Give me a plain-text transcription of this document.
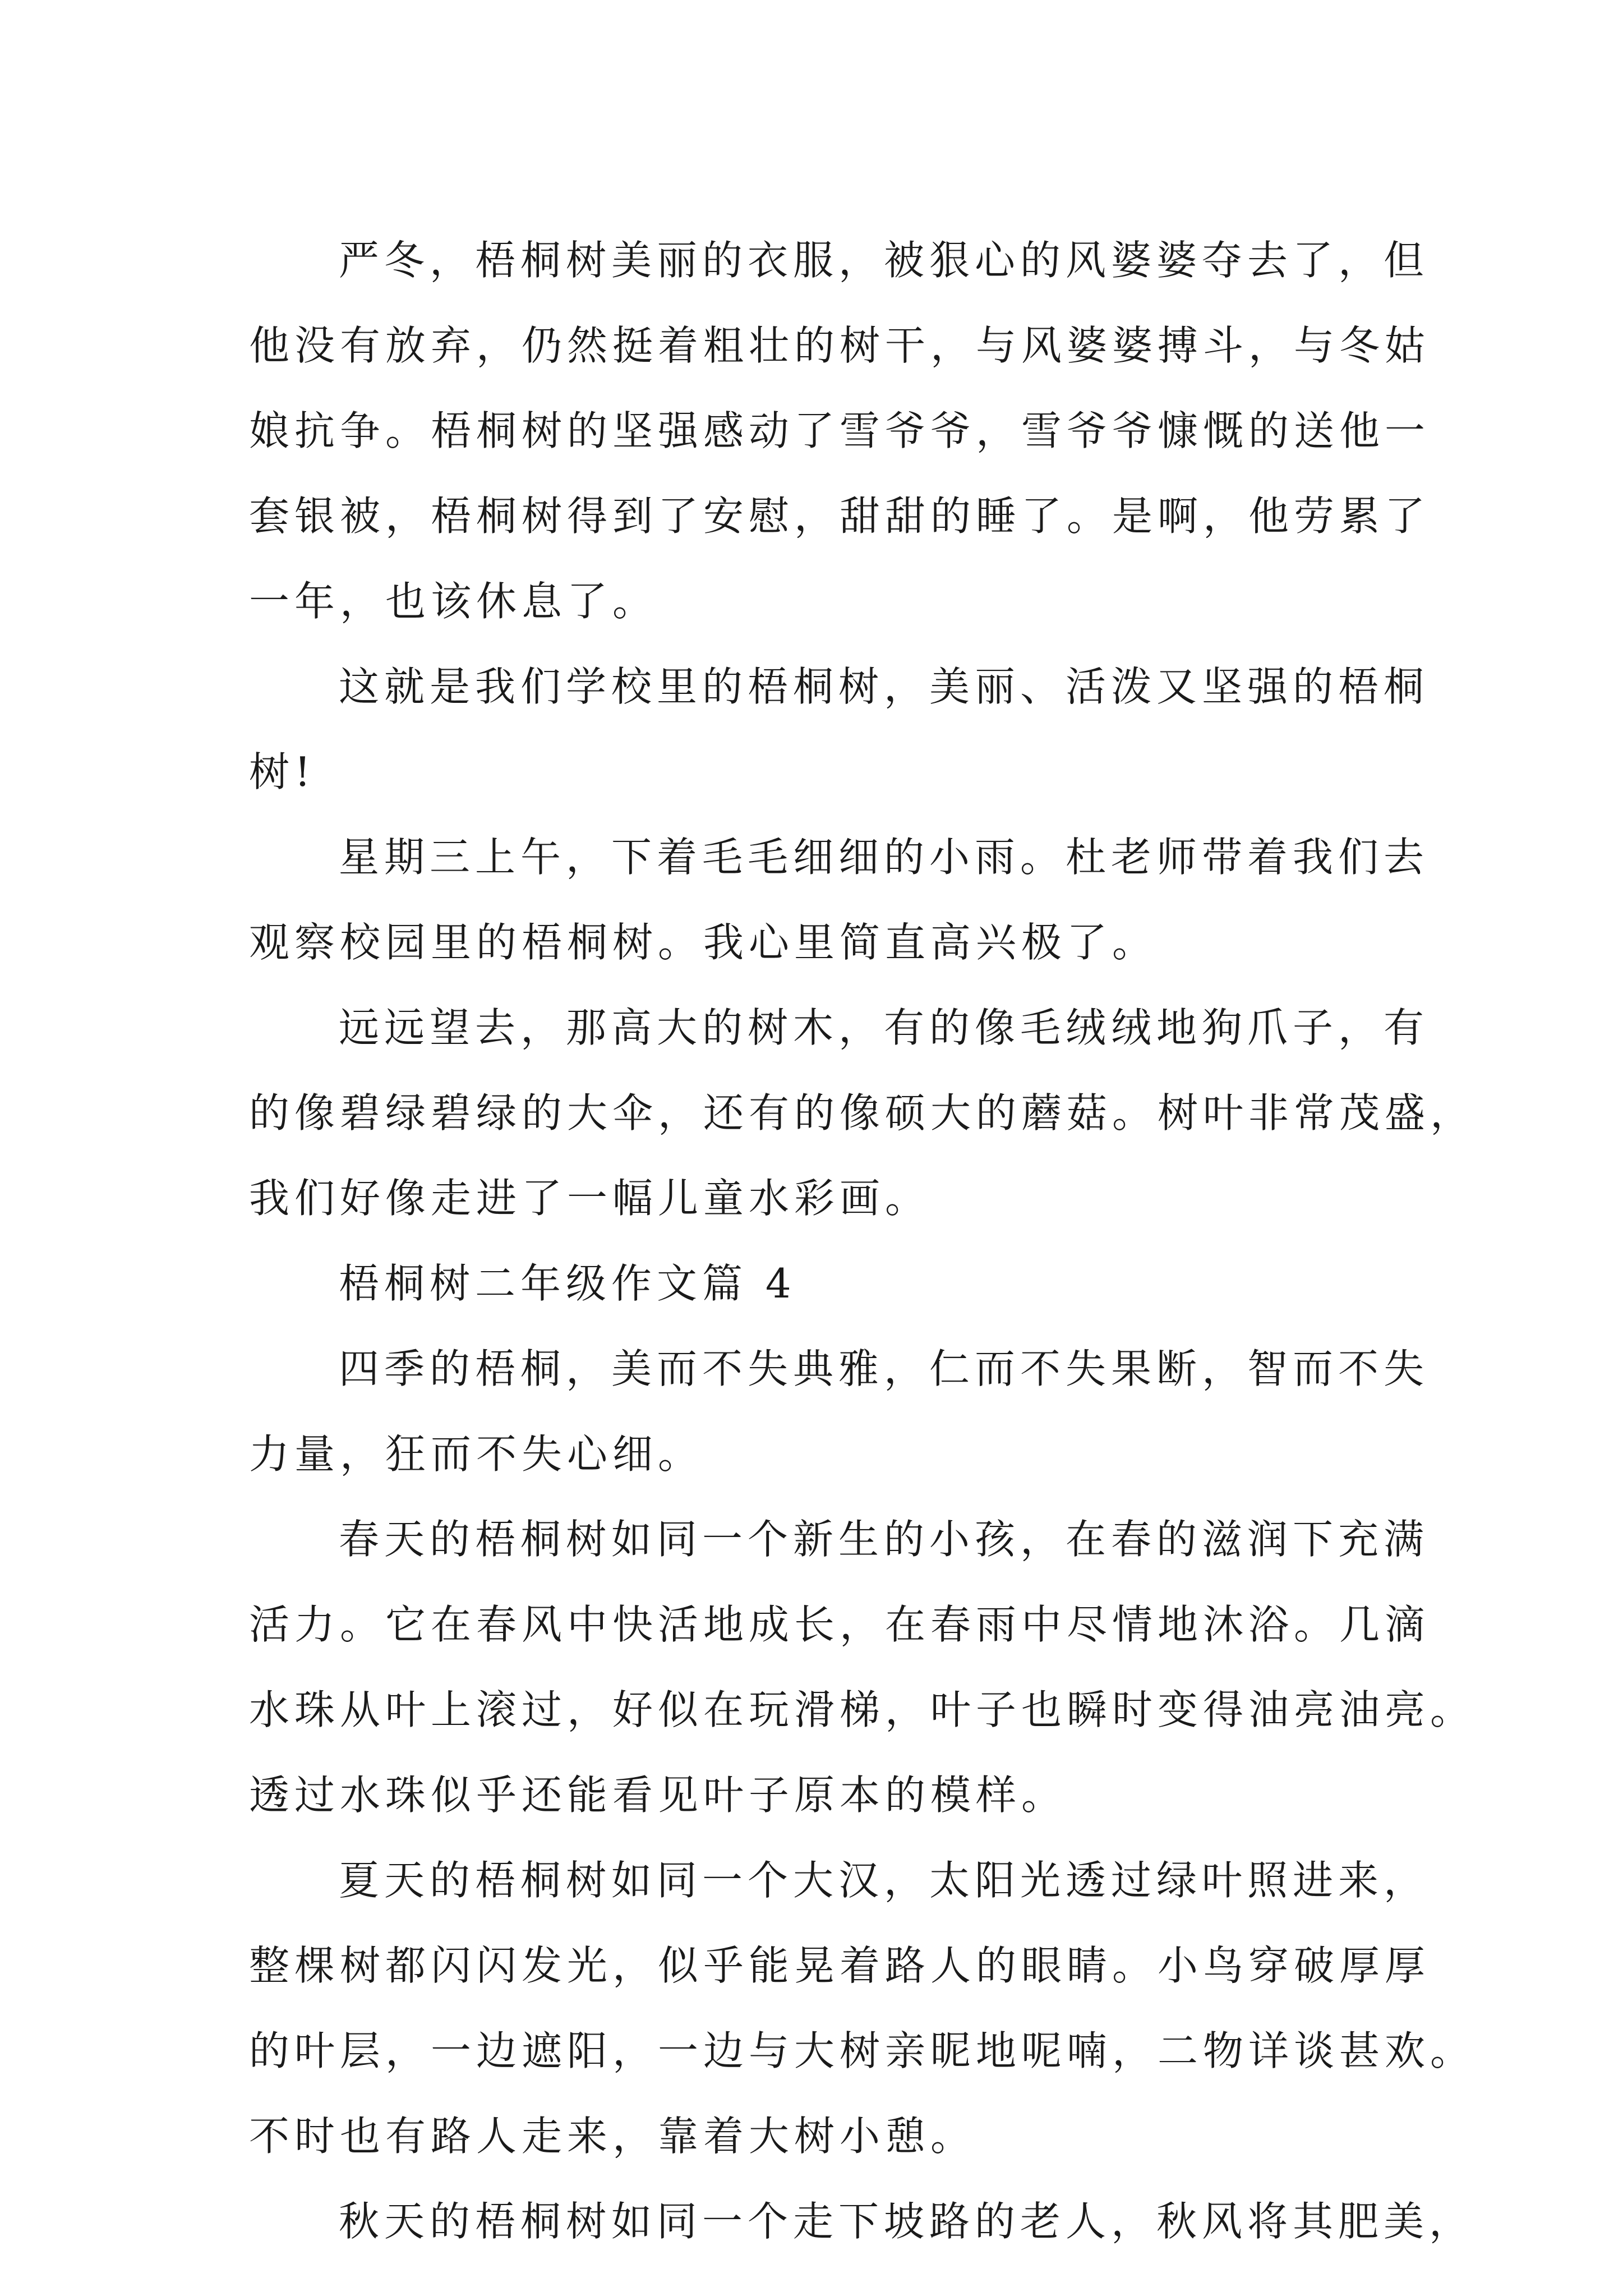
严冬，梧桐树美丽的衣服，被狠心的风婆婆夺去了，但
他没有放弃，仍然挺着粗壮的树干，与风婆婆搏斗，与冬姑
娘抗争。梧桐树的坚强感动了雪爷爷，雪爷爷慷慨的送他一
套银被，梧桐树得到了安慰，甜甜的睡了。是啊，他劳累了
一年，也该休息了。
这就是我们学校里的梧桐树，美丽、活泼又坚强的梧桐
树!
星期三上午，下着毛毛细细的小雨。杜老师带着我们去
观察校园里的梧桐树。我心里简直高兴极了。
远远望去，那高大的树木，有的像毛绒绒地狗爪子，有
的像碧绿碧绿的大伞，还有的像硕大的蘑菇。树叶非常茂盛，
我们好像走进了一幅儿童水彩画。
梧桐树二年级作文篇 4
四季的梧桐，美而不失典雅，仁而不失果断，智而不失
力量，狂而不失心细。
春天的梧桐树如同一个新生的小孩，在春的滋润下充满
活力。它在春风中快活地成长，在春雨中尽情地沐浴。几滴
水珠从叶上滚过，好似在玩滑梯，叶子也瞬时变得油亮油亮。
透过水珠似乎还能看见叶子原本的模样。
夏天的梧桐树如同一个大汉，太阳光透过绿叶照进来，
整棵树都闪闪发光，似乎能晃着路人的眼睛。小鸟穿破厚厚
的叶层，一边遮阳，一边与大树亲昵地呢喃，二物详谈甚欢。
不时也有路人走来，靠着大树小憩。
秋天的梧桐树如同一个走下坡路的老人，秋风将其肥美，
